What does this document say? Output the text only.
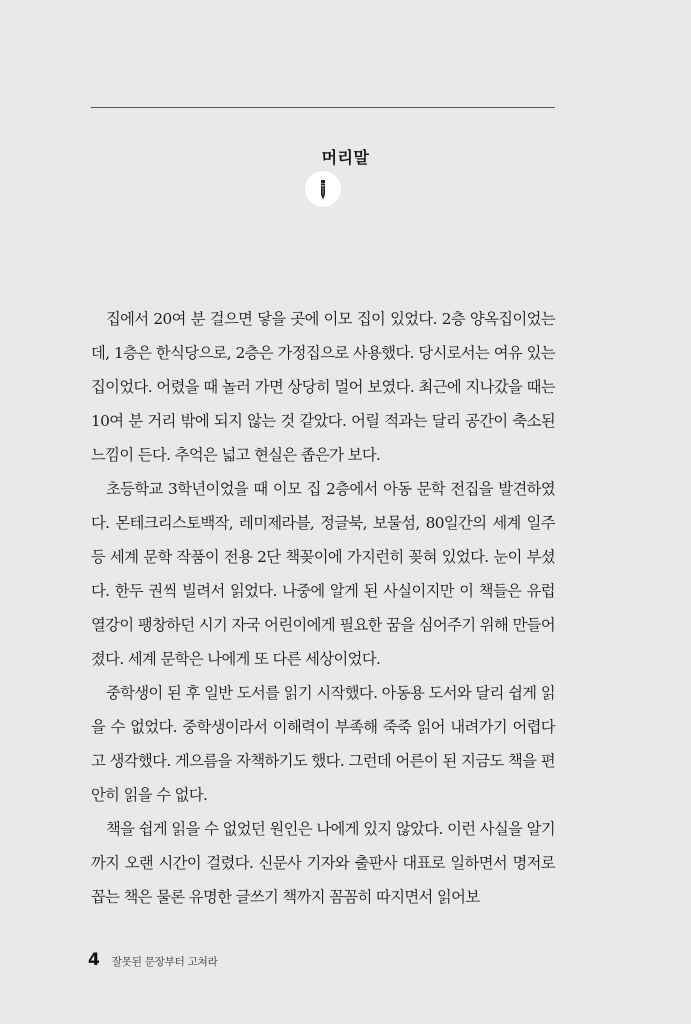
머리말

집에서 20여 분 걸으면 닿을 곳에 이모 집이 있었다. 2층 양옥집이었는데, 1층은 한식당으로, 2층은 가정집으로 사용했다. 당시로서는 여유 있는 집이었다. 어렸을 때 놀러 가면 상당히 멀어 보였다. 최근에 지나갔을 때는 10여 분 거리 밖에 되지 않는 것 같았다. 어릴 적과는 달리 공간이 축소된 느낌이 든다. 추억은 넓고 현실은 좁은가 보다.

초등학교 3학년이었을 때 이모 집 2층에서 아동 문학 전집을 발견하였다. 몬테크리스토백작, 레미제라블, 정글북, 보물섬, 80일간의 세계 일주 등 세계 문학 작품이 전용 2단 책꽂이에 가지런히 꽂혀 있었다. 눈이 부셨다. 한두 권씩 빌려서 읽었다. 나중에 알게 된 사실이지만 이 책들은 유럽 열강이 팽창하던 시기 자국 어린이에게 필요한 꿈을 심어주기 위해 만들어졌다. 세계 문학은 나에게 또 다른 세상이었다.

중학생이 된 후 일반 도서를 읽기 시작했다. 아동용 도서와 달리 쉽게 읽을 수 없었다. 중학생이라서 이해력이 부족해 죽죽 읽어 내려가기 어렵다고 생각했다. 게으름을 자책하기도 했다. 그런데 어른이 된 지금도 책을 편안히 읽을 수 없다.

책을 쉽게 읽을 수 없었던 원인은 나에게 있지 않았다. 이런 사실을 알기까지 오랜 시간이 걸렸다. 신문사 기자와 출판사 대표로 일하면서 명저로 꼽는 책은 물론 유명한 글쓰기 책까지 꼼꼼히 따지면서 읽어보

4 잘못된 문장부터 고쳐라
